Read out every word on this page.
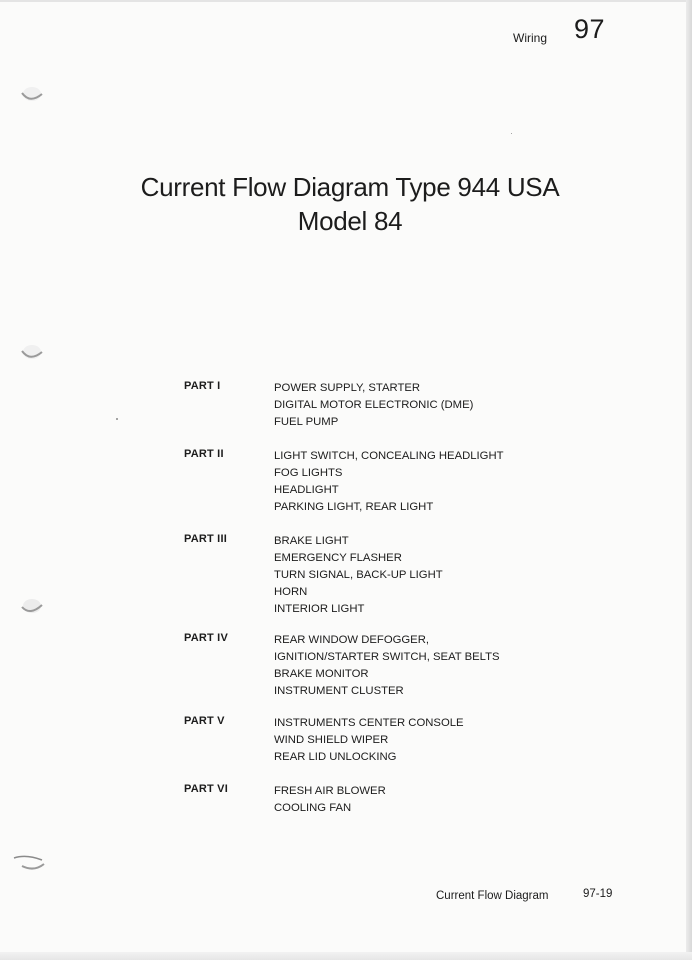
Wiring 97
Current Flow Diagram Type 944 USA
Model 84
PART I	POWER SUPPLY, STARTER
DIGITAL MOTOR ELECTRONIC (DME)
FUEL PUMP
PART II	LIGHT SWITCH, CONCEALING HEADLIGHT
FOG LIGHTS
HEADLIGHT
PARKING LIGHT, REAR LIGHT
PART III	BRAKE LIGHT
EMERGENCY FLASHER
TURN SIGNAL, BACK-UP LIGHT
HORN
INTERIOR LIGHT
PART IV	REAR WINDOW DEFOGGER,
IGNITION/STARTER SWITCH, SEAT BELTS
BRAKE MONITOR
INSTRUMENT CLUSTER
PART V	INSTRUMENTS CENTER CONSOLE
WIND SHIELD WIPER
REAR LID UNLOCKING
PART VI	FRESH AIR BLOWER
COOLING FAN
Current Flow Diagram	97-19
